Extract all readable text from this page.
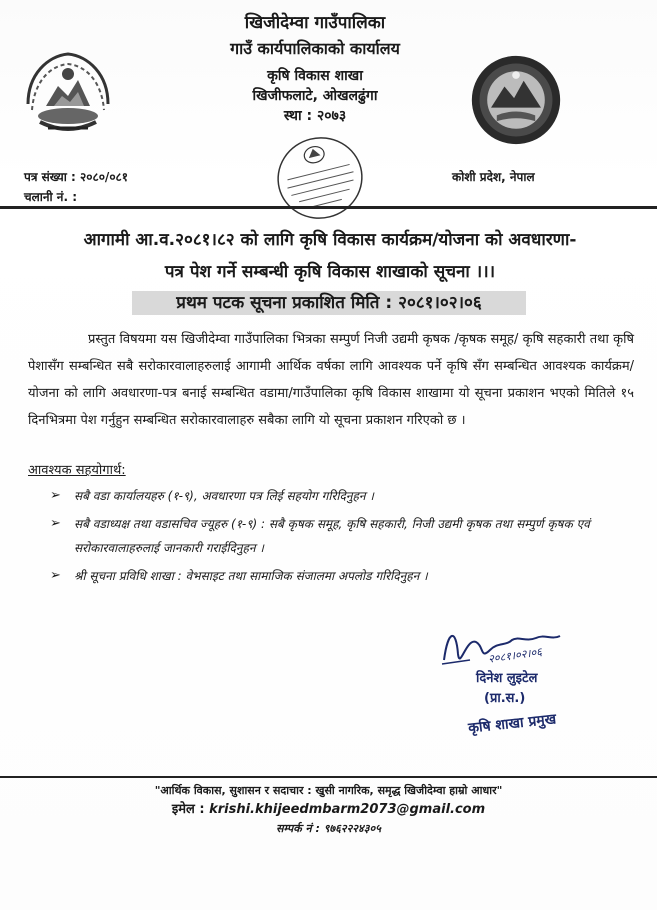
खिजीदेम्वा गाउँपालिका
गाउँ कार्यपालिकाको कार्यालय
कृषि विकास शाखा
खिजीफलाटे, ओखलढुंगा
स्था : २०७३
पत्र संख्या : २०८०/०८१
चलानी नं. :
कोशी प्रदेश, नेपाल
आगामी आ.व.२०८१।८२ को लागि कृषि विकास कार्यक्रम/योजना को अवधारणा-
पत्र पेश गर्ने सम्बन्धी कृषि विकास शाखाको सूचना ।।।
प्रथम पटक सूचना प्रकाशित मिति : २०८१।०२।०६

प्रस्तुत विषयमा यस खिजीदेम्वा गाउँपालिका भित्रका सम्पुर्ण निजी उद्यमी कृषक /कृषक समूह/ कृषि सहकारी तथा कृषि पेशासँग सम्बन्धित सबै सरोकारवालाहरुलाई आगामी आर्थिक वर्षका लागि आवश्यक पर्ने कृषि सँग सम्बन्धित आवश्यक कार्यक्रम/ योजना को लागि अवधारणा-पत्र बनाई सम्बन्धित वडामा/गाउँपालिका कृषि विकास शाखामा यो सूचना प्रकाशन भएको मितिले १५ दिनभित्रमा पेश गर्नुहुन सम्बन्धित सरोकारवालाहरु सबैका लागि यो सूचना प्रकाशन गरिएको छ ।

आवश्यक सहयोगार्थ:
➢ सबै वडा कार्यालयहरु (१-९), अवधारणा पत्र लिई सहयोग गरिदिनुहन ।
➢ सबै वडाध्यक्ष तथा वडासचिव ज्यूहरु (१-९) : सबै कृषक समूह, कृषि सहकारी, निजी उद्यमी कृषक तथा सम्पुर्ण कृषक एवं सरोकारवालाहरुलाई जानकारी गराईदिनुहन ।
➢ श्री सूचना प्रविधि शाखा : वेभसाइट तथा सामाजिक संजालमा अपलोड गरिदिनुहन ।
२०८१।०२।०६
दिनेश लुइटेल
(प्रा.स.)
कृषि शाखा प्रमुख
"आर्थिक विकास, सुशासन र सदाचार : खुसी नागरिक, समृद्ध खिजीदेम्वा हाम्रो आधार"
इमेल : krishi.khijeedmbarm2073@gmail.com
सम्पर्क नं : ९७६२२२४३०५
